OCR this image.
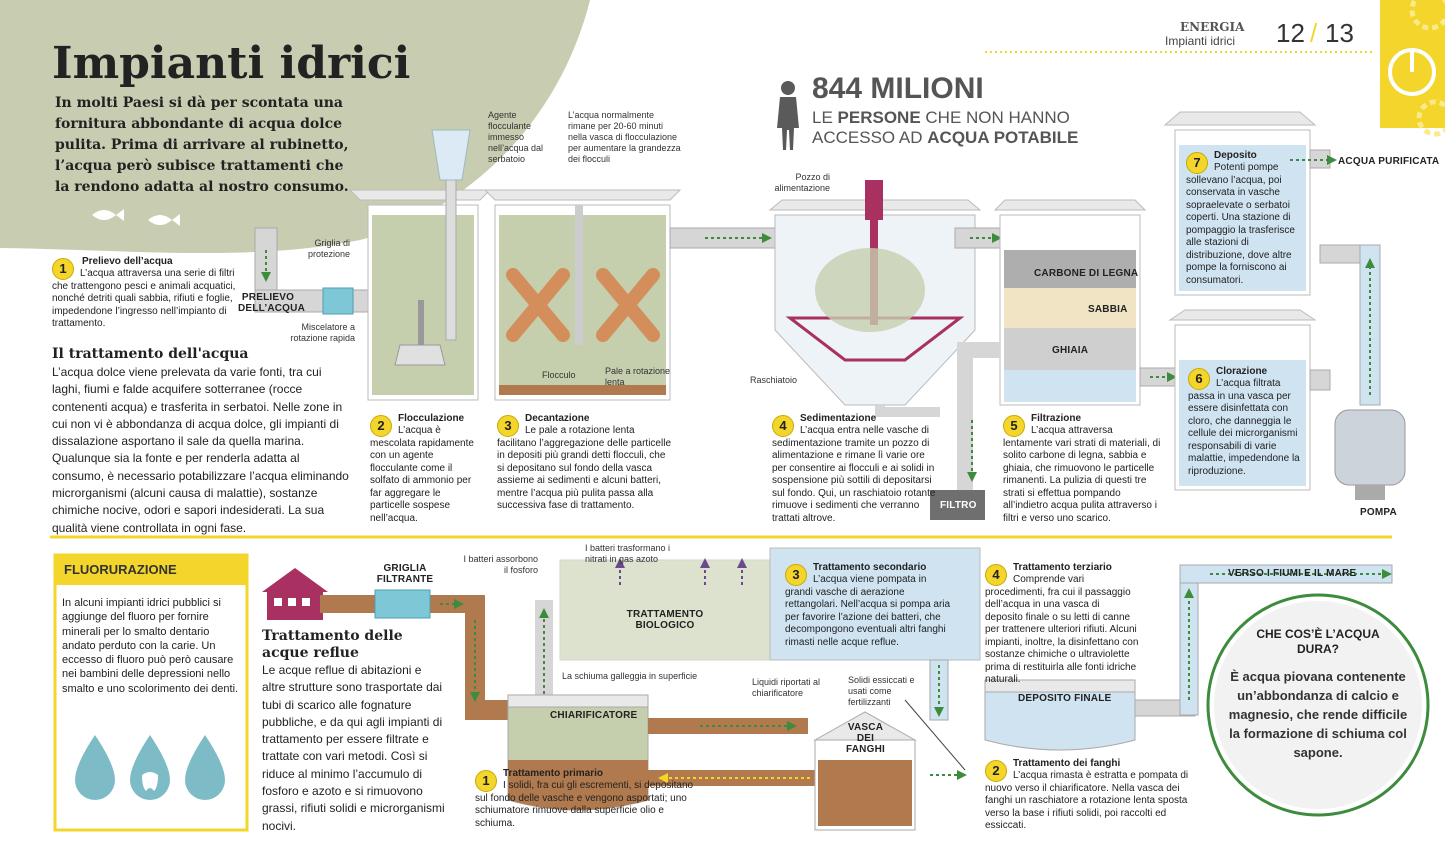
ENERGIA
Impianti idrici 12 / 13
Impianti idrici
In molti Paesi si dà per scontata una fornitura abbondante di acqua dolce pulita. Prima di arrivare al rubinetto, l’acqua però subisce trattamenti che la rendono adatta al nostro consumo.
844 MILIONI
LE PERSONE CHE NON HANNO
ACCESSO AD ACQUA POTABILE
Griglia di protezione
PRELIEVO DELL’ACQUA
Miscelatore a rotazione rapida
Agente flocculante immesso nell’acqua dal serbatoio
L’acqua normalmente rimane per 20-60 minuti nella vasca di flocculazione per aumentare la grandezza dei flocculi
Flocculo	Pale a rotazione lenta
Pozzo di alimentazione
Raschiatoio
CARBONE DI LEGNA
SABBIA
GHIAIA
FILTRO
ACQUA PURIFICATA
POMPA
1	Prelievo dell’acqua
L’acqua attraversa una serie di filtri che trattengono pesci e animali acquatici, nonché detriti quali sabbia, rifiuti e foglie, impedendone l’ingresso nell’impianto di trattamento.
2	Flocculazione
L’acqua è mescolata rapidamente con un agente flocculante come il solfato di ammonio per far aggregare le particelle sospese nell’acqua.
3	Decantazione
Le pale a rotazione lenta facilitano l’aggregazione delle particelle in depositi più grandi detti flocculi, che si depositano sul fondo della vasca assieme ai sedimenti e alcuni batteri, mentre l’acqua più pulita passa alla successiva fase di trattamento.
4	Sedimentazione
L’acqua entra nelle vasche di sedimentazione tramite un pozzo di alimentazione e rimane lì varie ore per consentire ai flocculi e ai solidi in sospensione più sottili di depositarsi sul fondo. Qui, un raschiatoio rotante rimuove i sedimenti che verranno trattati altrove.
5	Filtrazione
L’acqua attraversa lentamente vari strati di materiali, di solito carbone di legna, sabbia e ghiaia, che rimuovono le particelle rimanenti. La pulizia di questi tre strati si effettua pompando all’indietro acqua pulita attraverso i filtri e verso uno scarico.
6	Clorazione
L’acqua filtrata passa in una vasca per essere disinfettata con cloro, che danneggia le cellule dei microrganismi responsabili di varie malattie, impedendone la riproduzione.
7	Deposito
Potenti pompe sollevano l’acqua, poi conservata in vasche sopraelevate o serbatoi coperti. Una stazione di pompaggio la trasferisce alle stazioni di distribuzione, dove altre pompe la forniscono ai consumatori.
Il trattamento dell'acqua
L’acqua dolce viene prelevata da varie fonti, tra cui laghi, fiumi e falde acquifere sotterranee (rocce contenenti acqua) e trasferita in serbatoi. Nelle zone in cui non vi è abbondanza di acqua dolce, gli impianti di dissalazione asportano il sale da quella marina. Qualunque sia la fonte e per renderla adatta al consumo, è necessario potabilizzare l’acqua eliminando microrganismi (alcuni causa di malattie), sostanze chimiche nocive, odori e sapori indesiderati. La sua qualità viene controllata in ogni fase.
FLUORURAZIONE
In alcuni impianti idrici pubblici si aggiunge del fluoro per fornire minerali per lo smalto dentario andato perduto con la carie. Un eccesso di fluoro può però causare nei bambini delle depressioni nello smalto e uno scolorimento dei denti.
Trattamento delle acque reflue
Le acque reflue di abitazioni e altre strutture sono trasportate dai tubi di scarico alle fognature pubbliche, e da qui agli impianti di trattamento per essere filtrate e trattate con vari metodi. Così si riduce al minimo l’accumulo di fosforo e azoto e si rimuovono grassi, rifiuti solidi e microrganismi nocivi.
GRIGLIA FILTRANTE
I batteri assorbono il fosforo
I batteri trasformano i nitrati in gas azoto
TRATTAMENTO BIOLOGICO
La schiuma galleggia in superficie
CHIARIFICATORE
Liquidi riportati al chiarificatore
Solidi essiccati e usati come fertilizzanti
VASCA DEI FANGHI
DEPOSITO FINALE
VERSO I FIUMI E IL MARE
1	Trattamento primario
I solidi, fra cui gli escrementi, si depositano sul fondo delle vasche e vengono asportati; uno schiumatore rimuove dalla superficie olio e schiuma.
2	Trattamento dei fanghi
L’acqua rimasta è estratta e pompata di nuovo verso il chiarificatore. Nella vasca dei fanghi un raschiatore a rotazione lenta sposta verso la base i rifiuti solidi, poi raccolti ed essiccati.
3	Trattamento secondario
L’acqua viene pompata in grandi vasche di aerazione rettangolari. Nell’acqua si pompa aria per favorire l’azione dei batteri, che decompongono eventuali altri fanghi rimasti nelle acque reflue.
4	Trattamento terziario
Comprende vari procedimenti, fra cui il passaggio dell’acqua in una vasca di deposito finale o su letti di canne per trattenere ulteriori rifiuti. Alcuni impianti, inoltre, la disinfettano con sostanze chimiche o ultraviolette prima di restituirla alle fonti idriche naturali.
CHE COS’È L’ACQUA DURA?
È acqua piovana contenente un’abbondanza di calcio e magnesio, che rende difficile la formazione di schiuma col sapone.
